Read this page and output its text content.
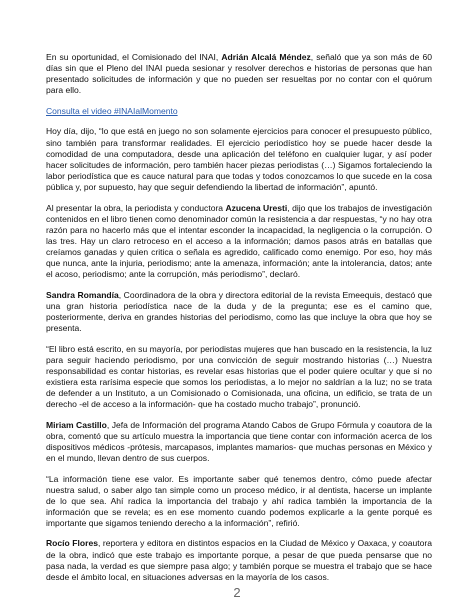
En su oportunidad, el Comisionado del INAI, Adrián Alcalá Méndez, señaló que ya son más de 60 días sin que el Pleno del INAI pueda sesionar y resolver derechos e historias de personas que han presentado solicitudes de información y que no pueden ser resueltas por no contar con el quórum para ello.

Consulta el video #INAIalMomento

Hoy día, dijo, “lo que está en juego no son solamente ejercicios para conocer el presupuesto público, sino también para transformar realidades. El ejercicio periodístico hoy se puede hacer desde la comodidad de una computadora, desde una aplicación del teléfono en cualquier lugar, y así poder hacer solicitudes de información, pero también hacer piezas periodistas (…) Sigamos fortaleciendo la labor periodística que es cauce natural para que todas y todos conozcamos lo que sucede en la cosa pública y, por supuesto, hay que seguir defendiendo la libertad de información”, apuntó.

Al presentar la obra, la periodista y conductora Azucena Uresti, dijo que los trabajos de investigación contenidos en el libro tienen como denominador común la resistencia a dar respuestas, “y no hay otra razón para no hacerlo más que el intentar esconder la incapacidad, la negligencia o la corrupción. O las tres. Hay un claro retroceso en el acceso a la información; damos pasos atrás en batallas que creíamos ganadas y quien critica o señala es agredido, calificado como enemigo. Por eso, hoy más que nunca, ante la injuria, periodismo; ante la amenaza, información; ante la intolerancia, datos; ante el acoso, periodismo; ante la corrupción, más periodismo”, declaró.

Sandra Romandía, Coordinadora de la obra y directora editorial de la revista Emeequis, destacó que una gran historia periodística nace de la duda y de la pregunta; ese es el camino que, posteriormente, deriva en grandes historias del periodismo, como las que incluye la obra que hoy se presenta.

“El libro está escrito, en su mayoría, por periodistas mujeres que han buscado en la resistencia, la luz para seguir haciendo periodismo, por una convicción de seguir mostrando historias (…) Nuestra responsabilidad es contar historias, es revelar esas historias que el poder quiere ocultar y que si no existiera esta rarísima especie que somos los periodistas, a lo mejor no saldrían a la luz; no se trata de defender a un Instituto, a un Comisionado o Comisionada, una oficina, un edificio, se trata de un derecho -el de acceso a la información- que ha costado mucho trabajo”, pronunció.

Miriam Castillo, Jefa de Información del programa Atando Cabos de Grupo Fórmula y coautora de la obra, comentó que su artículo muestra la importancia que tiene contar con información acerca de los dispositivos médicos -prótesis, marcapasos, implantes mamarios- que muchas personas en México y en el mundo, llevan dentro de sus cuerpos.

“La información tiene ese valor. Es importante saber qué tenemos dentro, cómo puede afectar nuestra salud, o saber algo tan simple como un proceso médico, ir al dentista, hacerse un implante de lo que sea. Ahí radica la importancia del trabajo y ahí radica también la importancia de la información que se revela; es en ese momento cuando podemos explicarle a la gente porqué es importante que sigamos teniendo derecho a la información”, refirió.

Rocío Flores, reportera y editora en distintos espacios en la Ciudad de México y Oaxaca, y coautora de la obra, indicó que este trabajo es importante porque, a pesar de que pueda pensarse que no pasa nada, la verdad es que siempre pasa algo; y también porque se muestra el trabajo que se hace desde el ámbito local, en situaciones adversas en la mayoría de los casos.

2
